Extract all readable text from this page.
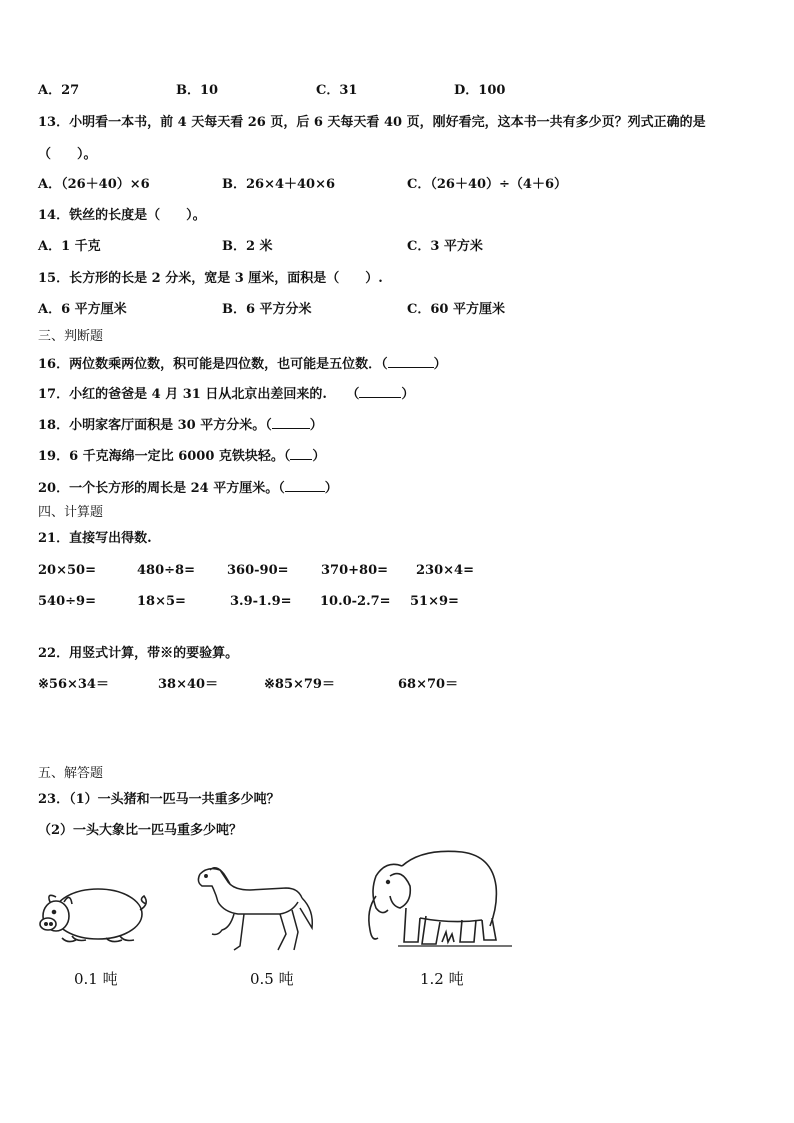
A．27	B．10	C．31	D．100
13．小明看一本书，前 4 天每天看 26 页，后 6 天每天看 40 页，刚好看完，这本书一共有多少页？列式正确的是
（　　）。
A．（26＋40）×6	B．26×4＋40×6	C．（26＋40）÷（4＋6）
14．铁丝的长度是（　　）。
A．1 千克	B．2 米	C．3 平方米
15．长方形的长是 2 分米，宽是 3 厘米，面积是（　　）.
A．6 平方厘米	B．6 平方分米	C．60 平方厘米
三、判断题
16．两位数乘两位数，积可能是四位数，也可能是五位数．（	）
17．小红的爸爸是 4 月 31 日从北京出差回来的.　　（	）
18．小明家客厅面积是 30 平方分米。（	）
19．6 千克海绵一定比 6000 克铁块轻。（ ）
20．一个长方形的周长是 24 平方厘米。（	）
四、计算题
21．直接写出得数.
20×50=	480÷8= 360-90= 370+80= 230×4=
540÷9=	18×5=	3.9-1.9= 10.0-2.7= 51×9=
22．用竖式计算，带※的要验算。
※56×34＝	38×40＝	※85×79＝	68×70＝
五、解答题
23．（1）一头猪和一匹马一共重多少吨？
（2）一头大象比一匹马重多少吨？
0.1 吨	0.5 吨	1.2 吨
